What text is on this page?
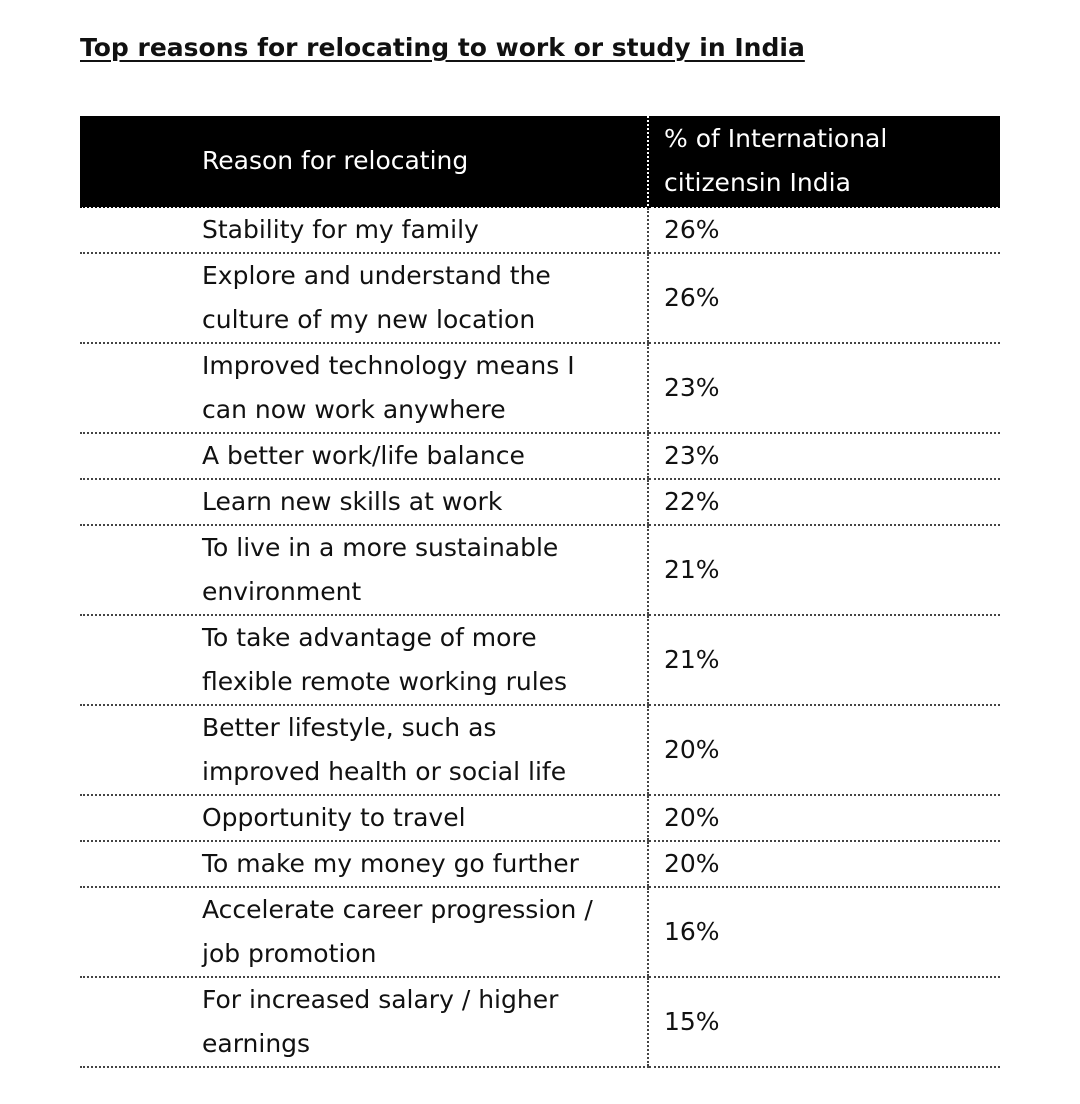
Top reasons for relocating to work or study in India
Reason for relocating	% of International
citizensin India
Stability for my family	26%
Explore and understand the
culture of my new location	26%
Improved technology means I
can now work anywhere	23%
A better work/life balance	23%
Learn new skills at work	22%
To live in a more sustainable
environment	21%
To take advantage of more
flexible remote working rules	21%
Better lifestyle, such as
improved health or social life	20%
Opportunity to travel	20%
To make my money go further	20%
Accelerate career progression /
job promotion	16%
For increased salary / higher
earnings	15%
